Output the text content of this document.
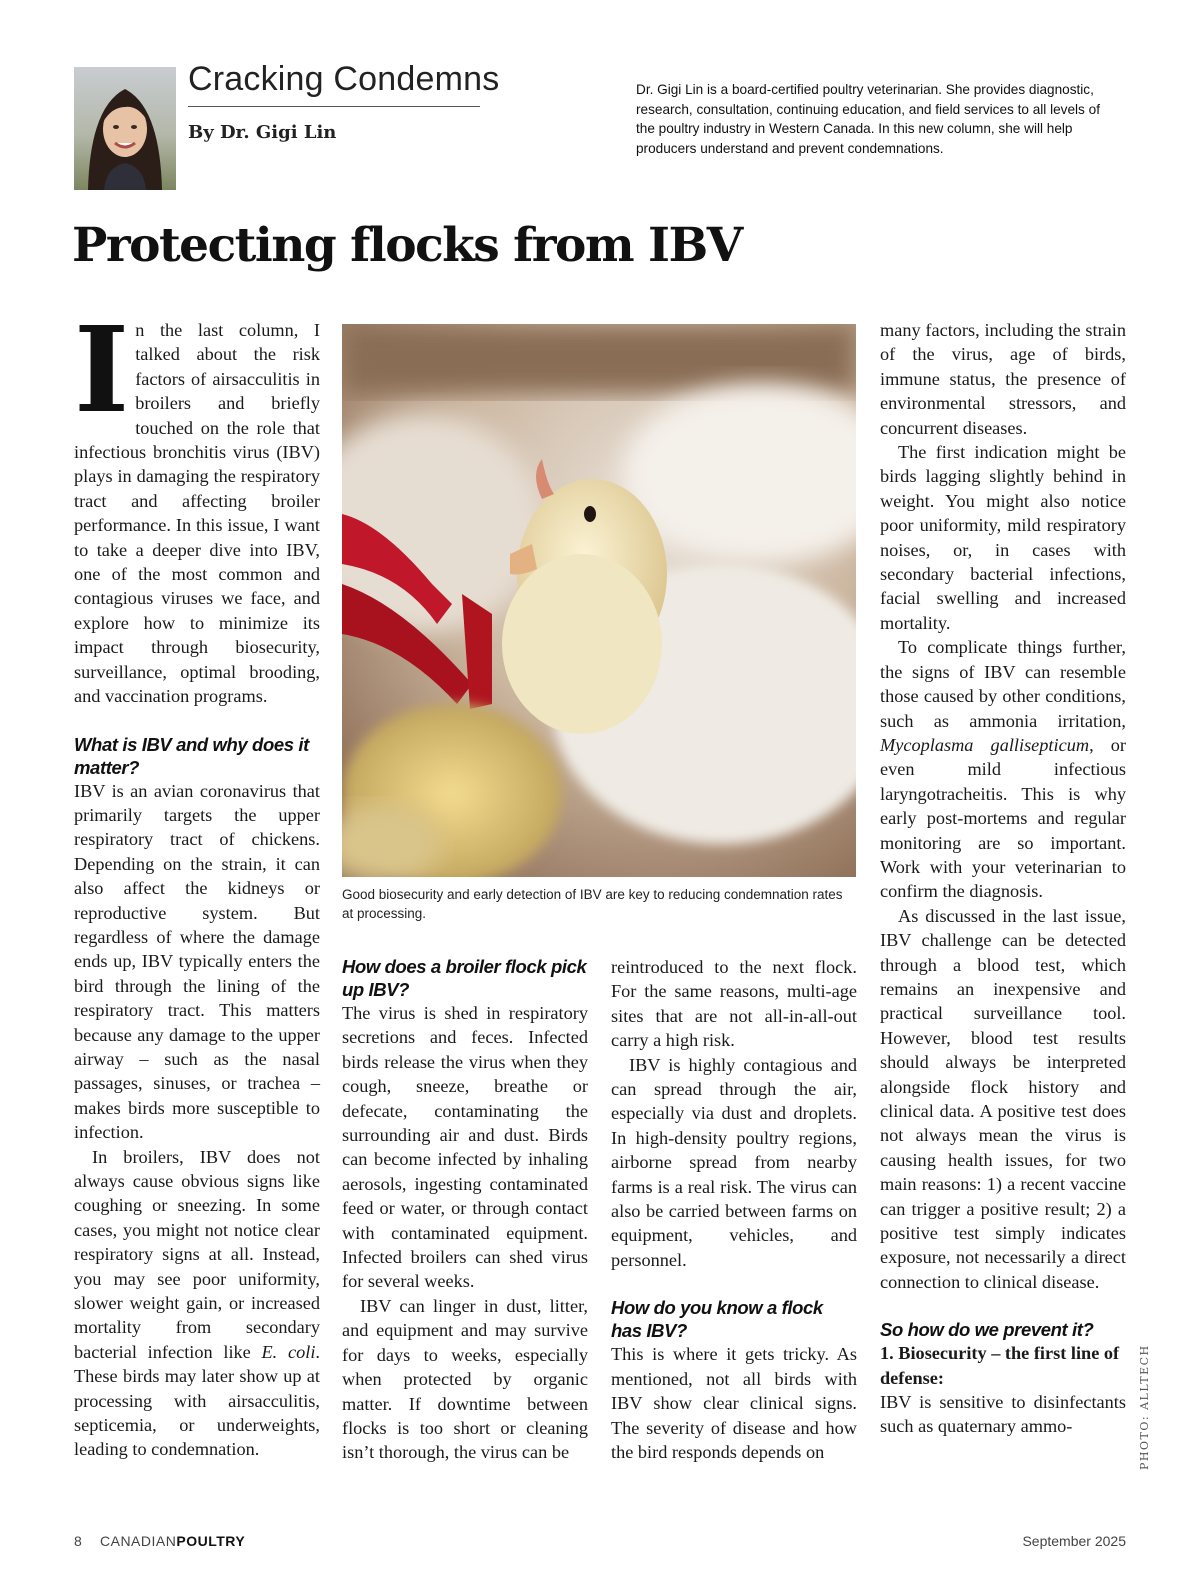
Cracking Condemns
By Dr. Gigi Lin
Dr. Gigi Lin is a board-certified poultry veterinarian. She provides diagnostic, research, consultation, continuing education, and field services to all levels of the poultry industry in Western Canada. In this new column, she will help producers understand and prevent condemnations.
Protecting flocks from IBV

In the last column, I talked about the risk factors of airsacculitis in broilers and briefly touched on the role that infectious bronchitis virus (IBV) plays in damaging the respiratory tract and affecting broiler performance. In this issue, I want to take a deeper dive into IBV, one of the most common and contagious viruses we face, and explore how to minimize its impact through biosecurity, surveillance, optimal brooding, and vaccination programs.

What is IBV and why does it matter?

IBV is an avian coronavirus that primarily targets the upper respiratory tract of chickens. Depending on the strain, it can also affect the kidneys or reproductive system. But regardless of where the damage ends up, IBV typically enters the bird through the lining of the respiratory tract. This matters because any damage to the upper airway – such as the nasal passages, sinuses, or trachea – makes birds more susceptible to infection.

In broilers, IBV does not always cause obvious signs like coughing or sneezing. In some cases, you might not notice clear respiratory signs at all. Instead, you may see poor uniformity, slower weight gain, or increased mortality from secondary bacterial infection like E. coli. These birds may later show up at processing with airsacculitis, septicemia, or underweights, leading to condemnation.

Good biosecurity and early detection of IBV are key to reducing condemnation rates at processing.
PHOTO: ALLTECH
How does a broiler flock pick up IBV?

The virus is shed in respiratory secretions and feces. Infected birds release the virus when they cough, sneeze, breathe or defecate, contaminating the surrounding air and dust. Birds can become infected by inhaling aerosols, ingesting contaminated feed or water, or through contact with contaminated equipment. Infected broilers can shed virus for several weeks.

IBV can linger in dust, litter, and equipment and may survive for days to weeks, especially when protected by organic matter. If downtime between flocks is too short or cleaning isn’t thorough, the virus can be

reintroduced to the next flock. For the same reasons, multi-age sites that are not all-in-all-out carry a high risk.

IBV is highly contagious and can spread through the air, especially via dust and droplets. In high-density poultry regions, airborne spread from nearby farms is a real risk. The virus can also be carried between farms on equipment, vehicles, and personnel.

How do you know a flock has IBV?

This is where it gets tricky. As mentioned, not all birds with IBV show clear clinical signs. The severity of disease and how the bird responds depends on

many factors, including the strain of the virus, age of birds, immune status, the presence of environmental stressors, and concurrent diseases.

The first indication might be birds lagging slightly behind in weight. You might also notice poor uniformity, mild respiratory noises, or, in cases with secondary bacterial infections, facial swelling and increased mortality.

To complicate things further, the signs of IBV can resemble those caused by other conditions, such as ammonia irritation, Mycoplasma gallisepticum, or even mild infectious laryngotracheitis. This is why early post-mortems and regular monitoring are so important. Work with your veterinarian to confirm the diagnosis.

As discussed in the last issue, IBV challenge can be detected through a blood test, which remains an inexpensive and practical surveillance tool. However, blood test results should always be interpreted alongside flock history and clinical data. A positive test does not always mean the virus is causing health issues, for two main reasons: 1) a recent vaccine can trigger a positive result; 2) a positive test simply indicates exposure, not necessarily a direct connection to clinical disease.

So how do we prevent it?

1. Biosecurity – the first line of defense:

IBV is sensitive to disinfectants such as quaternary ammo-

8 CANADIANPOULTRY	September 2025
